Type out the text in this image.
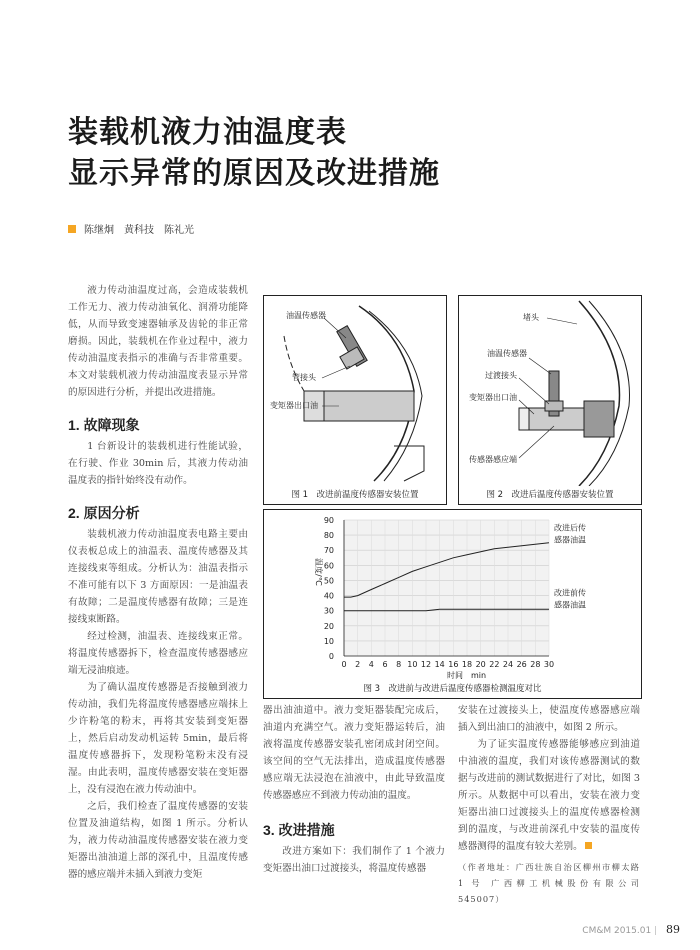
装载机液力油温度表
显示异常的原因及改进措施
陈继炯　黄科技　陈礼光

液力传动油温度过高，会造成装载机工作无力、液力传动油氧化、润滑功能降低，从而导致变速器轴承及齿轮的非正常磨损。因此，装载机在作业过程中，液力传动油温度表指示的准确与否非常重要。本文对装载机液力传动油温度表显示异常的原因进行分析，并提出改进措施。

1. 故障现象

1 台新设计的装载机进行性能试验，在行驶、作业 30min 后，其液力传动油温度表的指针始终没有动作。

2. 原因分析

装载机液力传动油温度表电路主要由仪表板总成上的油温表、温度传感器及其连接线束等组成。分析认为：油温表指示不准可能有以下 3 方面原因：一是油温表有故障；二是温度传感器有故障；三是连接线束断路。

经过检测，油温表、连接线束正常。将温度传感器拆下，检查温度传感器感应端无浸油痕迹。

为了确认温度传感器是否接触到液力传动油，我们先将温度传感器感应端抹上少许粉笔的粉末，再将其安装到变矩器上，然后启动发动机运转 5min，最后将温度传感器拆下，发现粉笔粉末没有浸湿。由此表明，温度传感器安装在变矩器上，没有浸泡在液力传动油中。

之后，我们检查了温度传感器的安装位置及油道结构，如图 1 所示。分析认为，液力传动油温度传感器安装在液力变矩器出油油道上部的深孔中，且温度传感器的感应端并未插入到液力变矩

油温传感器
管接头
变矩器出口油
图 1　改进前温度传感器安装位置
堵头
油温传感器
过渡接头
变矩器出口油
传感器感应端
图 2　改进后温度传感器安装位置
0
10
20
30
40
50
60
70
80
90
0 2 4 6 8 10 12 14 16 18 20 22 24 26 28 30
时间　min
温度/℃
改进后传
感器油温
改进前传
感器油温
图 3　改进前与改进后温度传感器检测温度对比

器出油油道中。液力变矩器装配完成后，油道内充满空气。液力变矩器运转后，油液将温度传感器安装孔密闭成封闭空间。该空间的空气无法排出，造成温度传感器感应端无法浸泡在油液中，由此导致温度传感器感应不到液力传动油的温度。

3. 改进措施

改进方案如下：我们制作了 1 个液力变矩器出油口过渡接头，将温度传感器

安装在过渡接头上，使温度传感器感应端插入到出油口的油液中，如图 2 所示。

为了证实温度传感器能够感应到油道中油液的温度，我们对该传感器测试的数据与改进前的测试数据进行了对比，如图 3 所示。从数据中可以看出，安装在液力变矩器出油口过渡接头上的温度传感器检测到的温度，与改进前深孔中安装的温度传感器测得的温度有较大差别。

（作者地址：广西壮族自治区柳州市柳太路 1 号 广西柳工机械股份有限公司　545007）

CM&M 2015.01 | 89
